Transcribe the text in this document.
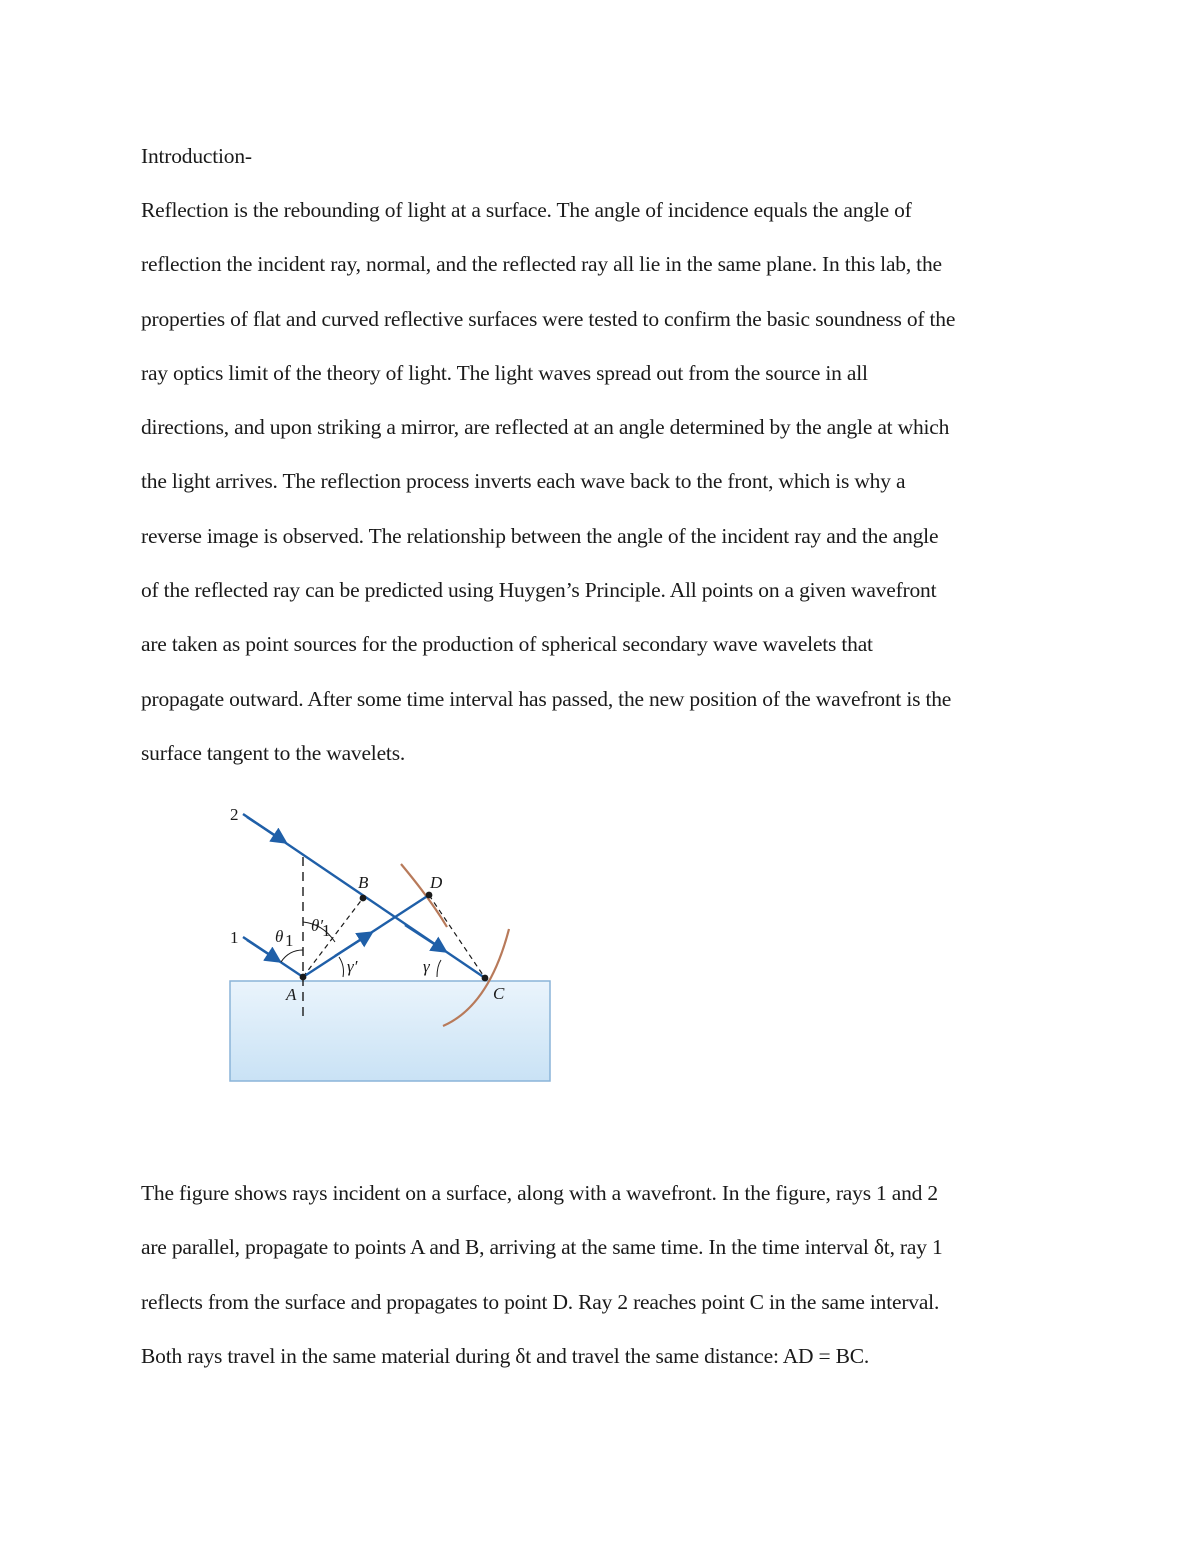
Introduction-
Reflection is the rebounding of light at a surface. The angle of incidence equals the angle of
reflection the incident ray, normal, and the reflected ray all lie in the same plane. In this lab, the
properties of flat and curved reflective surfaces were tested to confirm the basic soundness of the
ray optics limit of the theory of light. The light waves spread out from the source in all
directions, and upon striking a mirror, are reflected at an angle determined by the angle at which
the light arrives. The reflection process inverts each wave back to the front, which is why a
reverse image is observed. The relationship between the angle of the incident ray and the angle
of the reflected ray can be predicted using Huygen’s Principle. All points on a given wavefront
are taken as point sources for the production of spherical secondary wave wavelets that
propagate outward. After some time interval has passed, the new position of the wavefront is the
surface tangent to the wavelets.
2
1
B	D
A	C
θ 1
θ′
1
γ′	γ
The figure shows rays incident on a surface, along with a wavefront. In the figure, rays 1 and 2
are parallel, propagate to points A and B, arriving at the same time. In the time interval δt, ray 1
reflects from the surface and propagates to point D. Ray 2 reaches point C in the same interval.
Both rays travel in the same material during δt and travel the same distance: AD = BC.
